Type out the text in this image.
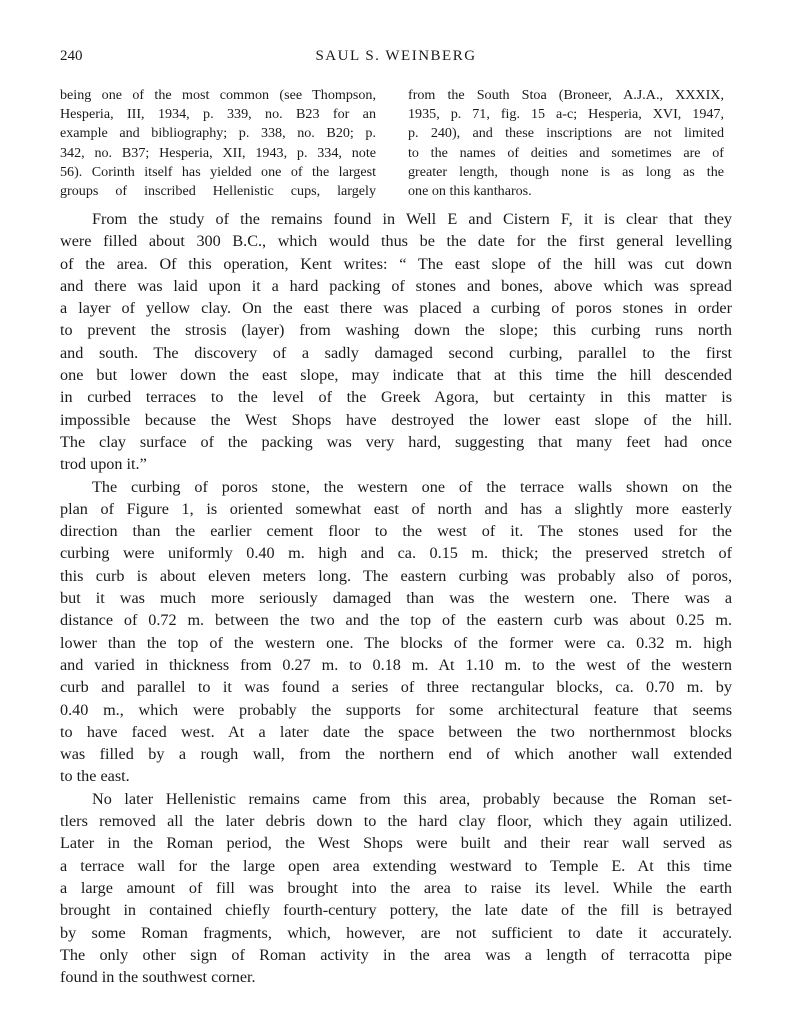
240	SAUL S. WEINBERG
being one of the most common (see Thompson,
Hesperia, III, 1934, p. 339, no. B23 for an
example and bibliography; p. 338, no. B20; p.
342, no. B37; Hesperia, XII, 1943, p. 334, note
56). Corinth itself has yielded one of the largest
groups of inscribed Hellenistic cups, largely
from the South Stoa (Broneer, A.J.A., XXXIX,
1935, p. 71, fig. 15 a-c; Hesperia, XVI, 1947,
p. 240), and these inscriptions are not limited
to the names of deities and sometimes are of
greater length, though none is as long as the
one on this kantharos.
From the study of the remains found in Well E and Cistern F, it is clear that they
were filled about 300 B.C., which would thus be the date for the first general levelling
of the area. Of this operation, Kent writes: “ The east slope of the hill was cut down
and there was laid upon it a hard packing of stones and bones, above which was spread
a layer of yellow clay. On the east there was placed a curbing of poros stones in order
to prevent the strosis (layer) from washing down the slope; this curbing runs north
and south. The discovery of a sadly damaged second curbing, parallel to the first
one but lower down the east slope, may indicate that at this time the hill descended
in curbed terraces to the level of the Greek Agora, but certainty in this matter is
impossible because the West Shops have destroyed the lower east slope of the hill.
The clay surface of the packing was very hard, suggesting that many feet had once
trod upon it.”
The curbing of poros stone, the western one of the terrace walls shown on the
plan of Figure 1, is oriented somewhat east of north and has a slightly more easterly
direction than the earlier cement floor to the west of it. The stones used for the
curbing were uniformly 0.40 m. high and ca. 0.15 m. thick; the preserved stretch of
this curb is about eleven meters long. The eastern curbing was probably also of poros,
but it was much more seriously damaged than was the western one. There was a
distance of 0.72 m. between the two and the top of the eastern curb was about 0.25 m.
lower than the top of the western one. The blocks of the former were ca. 0.32 m. high
and varied in thickness from 0.27 m. to 0.18 m. At 1.10 m. to the west of the western
curb and parallel to it was found a series of three rectangular blocks, ca. 0.70 m. by
0.40 m., which were probably the supports for some architectural feature that seems
to have faced west. At a later date the space between the two northernmost blocks
was filled by a rough wall, from the northern end of which another wall extended
to the east.
No later Hellenistic remains came from this area, probably because the Roman set-
tlers removed all the later debris down to the hard clay floor, which they again utilized.
Later in the Roman period, the West Shops were built and their rear wall served as
a terrace wall for the large open area extending westward to Temple E. At this time
a large amount of fill was brought into the area to raise its level. While the earth
brought in contained chiefly fourth-century pottery, the late date of the fill is betrayed
by some Roman fragments, which, however, are not sufficient to date it accurately.
The only other sign of Roman activity in the area was a length of terracotta pipe
found in the southwest corner.
